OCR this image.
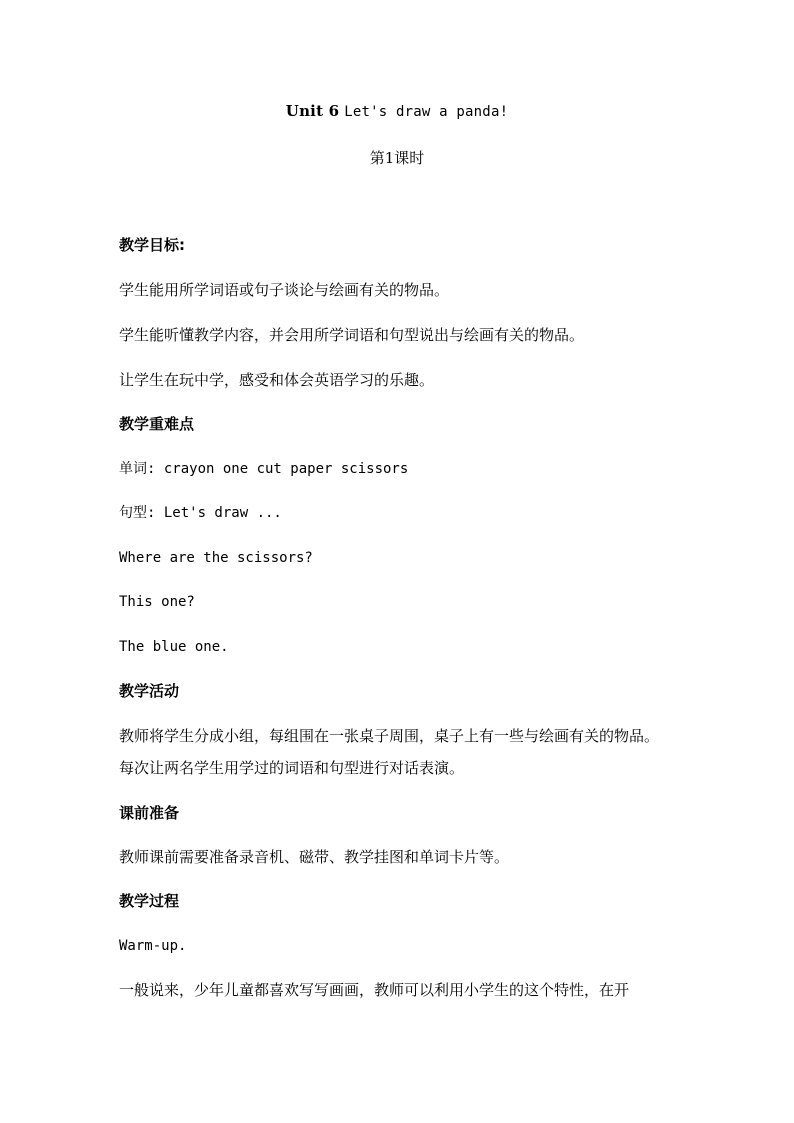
Unit 6 Let's draw a panda!
第1课时
教学目标:
学生能用所学词语或句子谈论与绘画有关的物品。
学生能听懂教学内容，并会用所学词语和句型说出与绘画有关的物品。
让学生在玩中学，感受和体会英语学习的乐趣。
教学重难点
单词: crayon one cut paper scissors
句型: Let's draw ...
Where are the scissors?
This one?
The blue one.
教学活动
教师将学生分成小组，每组围在一张桌子周围，桌子上有一些与绘画有关的物品。每次让两名学生用学过的词语和句型进行对话表演。
课前准备
教师课前需要准备录音机、磁带、教学挂图和单词卡片等。
教学过程
Warm-up.
一般说来，少年儿童都喜欢写写画画，教师可以利用小学生的这个特性，在开
